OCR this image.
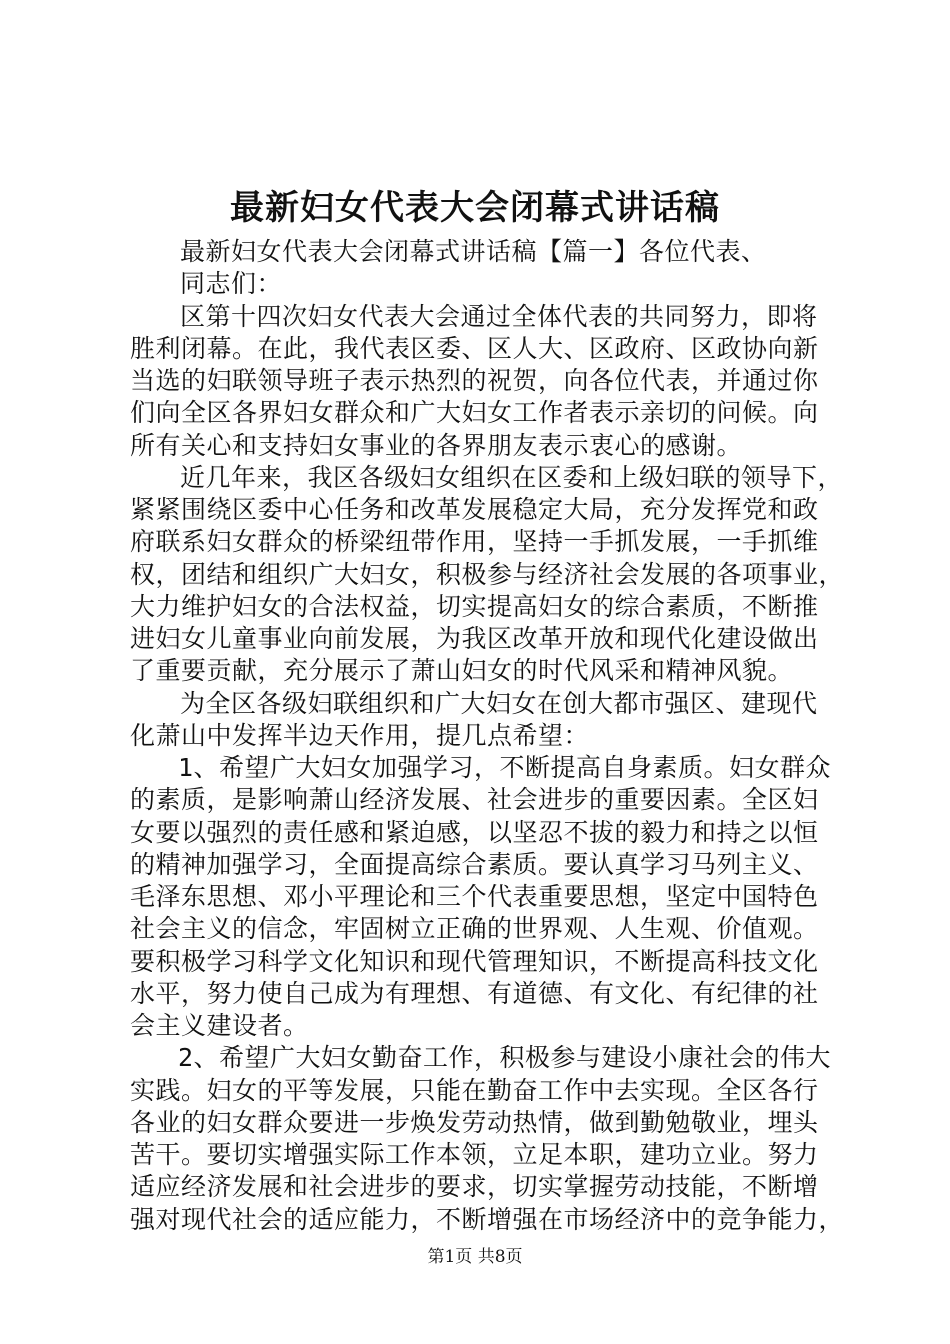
最新妇女代表大会闭幕式讲话稿
最新妇女代表大会闭幕式讲话稿【篇一】各位代表、
同志们：
区第十四次妇女代表大会通过全体代表的共同努力，即将
胜利闭幕。在此，我代表区委、区人大、区政府、区政协向新
当选的妇联领导班子表示热烈的祝贺，向各位代表，并通过你
们向全区各界妇女群众和广大妇女工作者表示亲切的问候。向
所有关心和支持妇女事业的各界朋友表示衷心的感谢。
近几年来，我区各级妇女组织在区委和上级妇联的领导下，
紧紧围绕区委中心任务和改革发展稳定大局，充分发挥党和政
府联系妇女群众的桥梁纽带作用，坚持一手抓发展，一手抓维
权，团结和组织广大妇女，积极参与经济社会发展的各项事业，
大力维护妇女的合法权益，切实提高妇女的综合素质，不断推
进妇女儿童事业向前发展，为我区改革开放和现代化建设做出
了重要贡献，充分展示了萧山妇女的时代风采和精神风貌。
为全区各级妇联组织和广大妇女在创大都市强区、建现代
化萧山中发挥半边天作用，提几点希望：
1、希望广大妇女加强学习，不断提高自身素质。妇女群众
的素质，是影响萧山经济发展、社会进步的重要因素。全区妇
女要以强烈的责任感和紧迫感，以坚忍不拔的毅力和持之以恒
的精神加强学习，全面提高综合素质。要认真学习马列主义、
毛泽东思想、邓小平理论和三个代表重要思想，坚定中国特色
社会主义的信念，牢固树立正确的世界观、人生观、价值观。
要积极学习科学文化知识和现代管理知识，不断提高科技文化
水平，努力使自己成为有理想、有道德、有文化、有纪律的社
会主义建设者。
2、希望广大妇女勤奋工作，积极参与建设小康社会的伟大
实践。妇女的平等发展，只能在勤奋工作中去实现。全区各行
各业的妇女群众要进一步焕发劳动热情，做到勤勉敬业，埋头
苦干。要切实增强实际工作本领，立足本职，建功立业。努力
适应经济发展和社会进步的要求，切实掌握劳动技能，不断增
强对现代社会的适应能力，不断增强在市场经济中的竞争能力，
第1页 共8页
